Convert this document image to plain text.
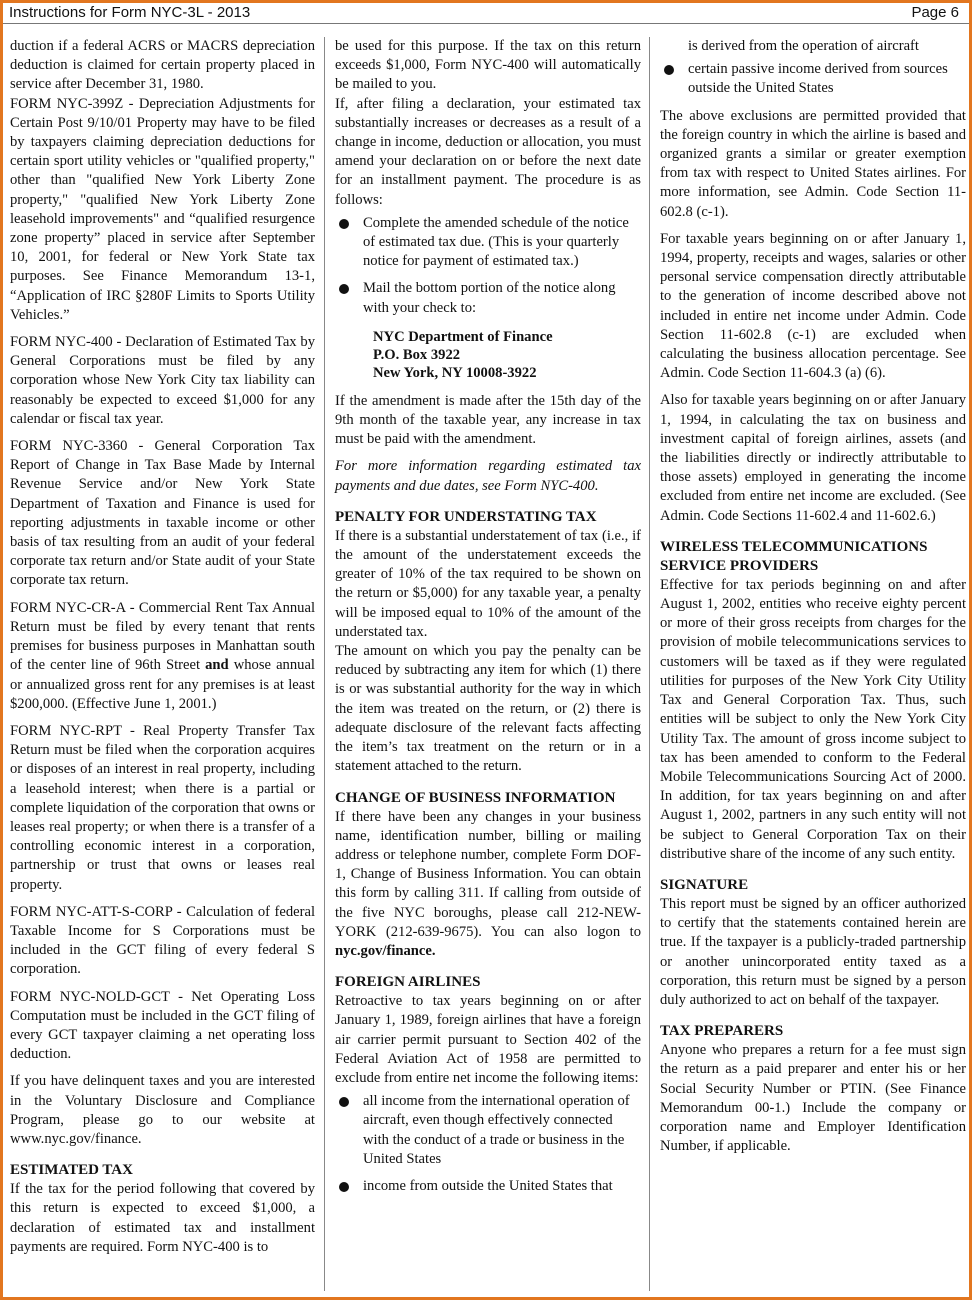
Instructions for Form NYC-3L - 2013	Page 6

duction if a federal ACRS or MACRS depreciation deduction is claimed for certain property placed in service after December 31, 1980.

FORM NYC-399Z - Depreciation Adjustments for Certain Post 9/10/01 Property may have to be filed by taxpayers claiming depreciation deductions for certain sport utility vehicles or "qualified property," other than "qualified New York Liberty Zone property," "qualified New York Liberty Zone leasehold improvements" and “qualified resurgence zone property” placed in service after September 10, 2001, for federal or New York State tax purposes. See Finance Memorandum 13-1, “Application of IRC §280F Limits to Sports Utility Vehicles.”

FORM NYC-400 - Declaration of Estimated Tax by General Corporations must be filed by any corporation whose New York City tax liability can reasonably be expected to exceed $1,000 for any calendar or fiscal tax year.

FORM NYC-3360 - General Corporation Tax Report of Change in Tax Base Made by Internal Revenue Service and/or New York State Department of Taxation and Finance is used for reporting adjustments in taxable income or other basis of tax resulting from an audit of your federal corporate tax return and/or State audit of your State corporate tax return.

FORM NYC-CR-A - Commercial Rent Tax Annual Return must be filed by every tenant that rents premises for business purposes in Manhattan south of the center line of 96th Street and whose annual or annualized gross rent for any premises is at least $200,000. (Effective June 1, 2001.)

FORM NYC-RPT - Real Property Transfer Tax Return must be filed when the corporation acquires or disposes of an interest in real property, including a leasehold interest; when there is a partial or complete liquidation of the corporation that owns or leases real property; or when there is a transfer of a controlling economic interest in a corporation, partnership or trust that owns or leases real property.

FORM NYC-ATT-S-CORP - Calculation of federal Taxable Income for S Corporations must be included in the GCT filing of every federal S corporation.

FORM NYC-NOLD-GCT - Net Operating Loss Computation must be included in the GCT filing of every GCT taxpayer claiming a net operating loss deduction.

If you have delinquent taxes and you are interested in the Voluntary Disclosure and Compliance Program, please go to our website at www.nyc.gov/finance.

ESTIMATED TAX

If the tax for the period following that covered by this return is expected to exceed $1,000, a declaration of estimated tax and installment payments are required. Form NYC-400 is to

be used for this purpose. If the tax on this return exceeds $1,000, Form NYC-400 will automatically be mailed to you.

If, after filing a declaration, your estimated tax substantially increases or decreases as a result of a change in income, deduction or allocation, you must amend your declaration on or before the next date for an installment payment. The procedure is as follows:

Complete the amended schedule of the notice of estimated tax due. (This is your quarterly notice for payment of estimated tax.)
Mail the bottom portion of the notice along with your check to:
NYC Department of Finance
P.O. Box 3922
New York, NY 10008-3922

If the amendment is made after the 15th day of the 9th month of the taxable year, any increase in tax must be paid with the amendment.

For more information regarding estimated tax payments and due dates, see Form NYC-400.

PENALTY FOR UNDERSTATING TAX

If there is a substantial understatement of tax (i.e., if the amount of the understatement exceeds the greater of 10% of the tax required to be shown on the return or $5,000) for any taxable year, a penalty will be imposed equal to 10% of the amount of the understated tax.

The amount on which you pay the penalty can be reduced by subtracting any item for which (1) there is or was substantial authority for the way in which the item was treated on the return, or (2) there is adequate disclosure of the relevant facts affecting the item’s tax treatment on the return or in a statement attached to the return.

CHANGE OF BUSINESS INFORMATION

If there have been any changes in your business name, identification number, billing or mailing address or telephone number, complete Form DOF-1, Change of Business Information. You can obtain this form by calling 311. If calling from outside of the five NYC boroughs, please call 212-NEW-YORK (212-639-9675). You can also logon to nyc.gov/finance.

FOREIGN AIRLINES

Retroactive to tax years beginning on or after January 1, 1989, foreign airlines that have a foreign air carrier permit pursuant to Section 402 of the Federal Aviation Act of 1958 are permitted to exclude from entire net income the following items:

all income from the international operation of aircraft, even though effectively connected with the conduct of a trade or business in the United States
income from outside the United States that

is derived from the operation of aircraft

certain passive income derived from sources outside the United States

The above exclusions are permitted provided that the foreign country in which the airline is based and organized grants a similar or greater exemption from tax with respect to United States airlines. For more information, see Admin. Code Section 11-602.8 (c-1).

For taxable years beginning on or after January 1, 1994, property, receipts and wages, salaries or other personal service compensation directly attributable to the generation of income described above not included in entire net income under Admin. Code Section 11-602.8 (c-1) are excluded when calculating the business allocation percentage. See Admin. Code Section 11-604.3 (a) (6).

Also for taxable years beginning on or after January 1, 1994, in calculating the tax on business and investment capital of foreign airlines, assets (and the liabilities directly or indirectly attributable to those assets) employed in generating the income excluded from entire net income are excluded. (See Admin. Code Sections 11-602.4 and 11-602.6.)

WIRELESS TELECOMMUNICATIONS SERVICE PROVIDERS

Effective for tax periods beginning on and after August 1, 2002, entities who receive eighty percent or more of their gross receipts from charges for the provision of mobile telecommunications services to customers will be taxed as if they were regulated utilities for purposes of the New York City Utility Tax and General Corporation Tax. Thus, such entities will be subject to only the New York City Utility Tax. The amount of gross income subject to tax has been amended to conform to the Federal Mobile Telecommunications Sourcing Act of 2000. In addition, for tax years beginning on and after August 1, 2002, partners in any such entity will not be subject to General Corporation Tax on their distributive share of the income of any such entity.

SIGNATURE

This report must be signed by an officer authorized to certify that the statements contained herein are true. If the taxpayer is a publicly-traded partnership or another unincorporated entity taxed as a corporation, this return must be signed by a person duly authorized to act on behalf of the taxpayer.

TAX PREPARERS

Anyone who prepares a return for a fee must sign the return as a paid preparer and enter his or her Social Security Number or PTIN. (See Finance Memorandum 00-1.) Include the company or corporation name and Employer Identification Number, if applicable.
